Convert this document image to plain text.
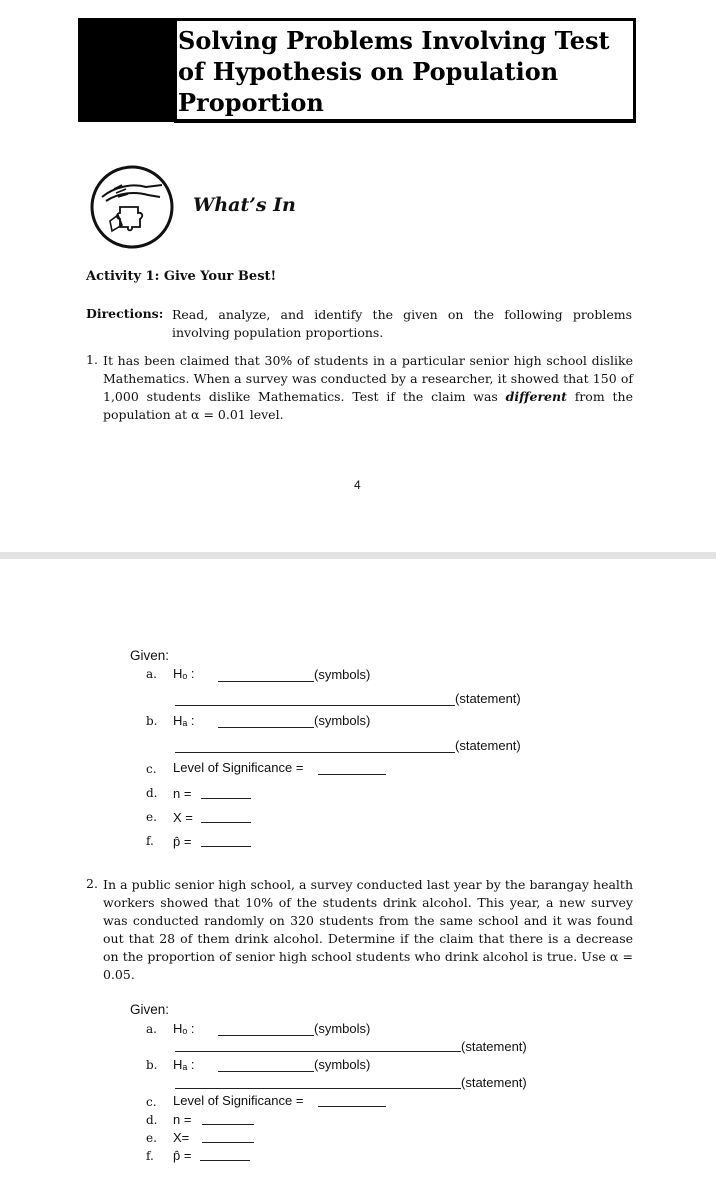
Solving Problems Involving Test
of Hypothesis on Population
Proportion
What’s In
Activity 1: Give Your Best!
Directions: Read, analyze, and identify the given on the following problems involving population proportions.
1. It has been claimed that 30% of students in a particular senior high school dislike Mathematics. When a survey was conducted by a researcher, it showed that 150 of 1,000 students dislike Mathematics. Test if the claim was different from the population at α = 0.01 level.
4
Given:
a. Hₒ :	(symbols)
(statement)
b. Hₐ :	(symbols)
(statement)
c. Level of Significance =
d. n =
e. X =
f. p̂ =
2. In a public senior high school, a survey conducted last year by the barangay health workers showed that 10% of the students drink alcohol. This year, a new survey was conducted randomly on 320 students from the same school and it was found out that 28 of them drink alcohol. Determine if the claim that there is a decrease on the proportion of senior high school students who drink alcohol is true. Use α = 0.05.
Given:
a. Hₒ :	(symbols)
(statement)
b. Hₐ :	(symbols)
(statement)
c. Level of Significance =
d. n =
e. X=
f. p̂ =
